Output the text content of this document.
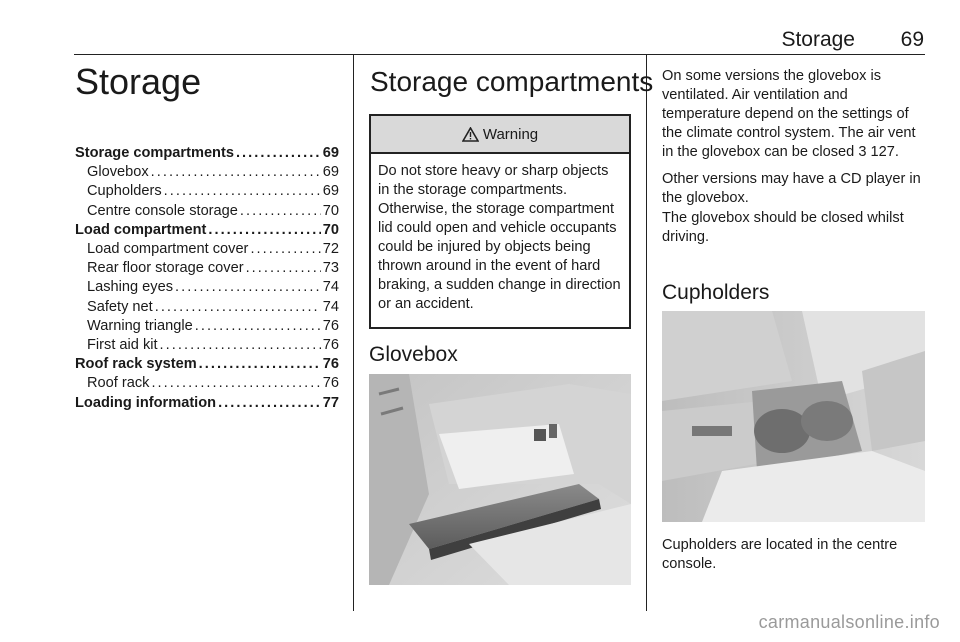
Storage	69
Storage
Storage compartments . . .	69
Glovebox . . .	69
Cupholders . . .	69
Centre console storage . . .	70
Load compartment . . .	70
Load compartment cover . . .	72
Rear floor storage cover . . .	73
Lashing eyes . . .	74
Safety net . . .	74
Warning triangle . . .	76
First aid kit . . .	76
Roof rack system . . .	76
Roof rack . . .	76
Loading information . . .	77
Storage compartments
Warning
Do not store heavy or sharp objects in the storage compartments. Otherwise, the storage compartment lid could open and vehicle occupants could be injured by objects being thrown around in the event of hard braking, a sudden change in direction or an accident.
Glovebox

On some versions the glovebox is ventilated. Air ventilation and temperature depend on the settings of the climate control system. The air vent in the glovebox can be closed 3 127.

Other versions may have a CD player in the glovebox.

The glovebox should be closed whilst driving.

Cupholders

Cupholders are located in the centre console.

carmanualsonline.info
